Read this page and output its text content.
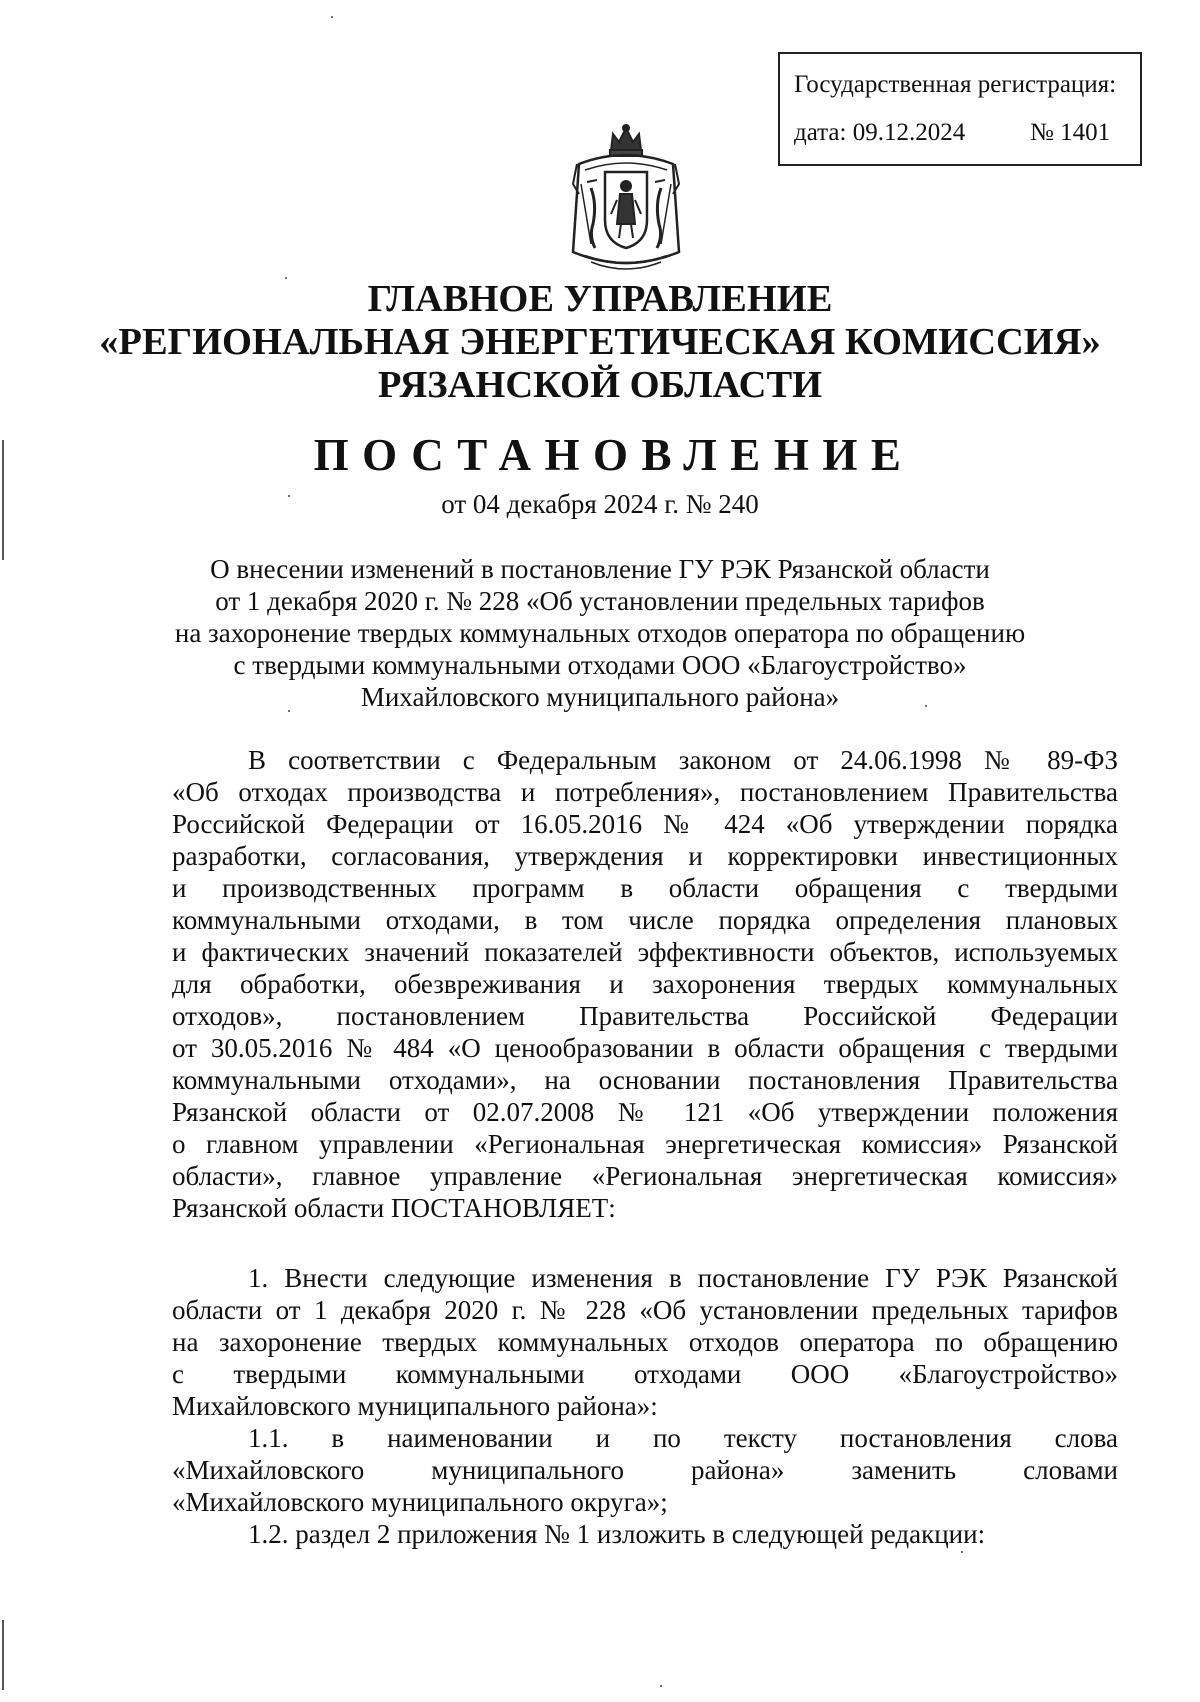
Государственная регистрация:
дата: 09.12.2024	№ 1401
ГЛАВНОЕ УПРАВЛЕНИЕ
«РЕГИОНАЛЬНАЯ ЭНЕРГЕТИЧЕСКАЯ КОМИССИЯ»
РЯЗАНСКОЙ ОБЛАСТИ
ПОСТАНОВЛЕНИЕ
от 04 декабря 2024 г. № 240
О внесении изменений в постановление ГУ РЭК Рязанской области
от 1 декабря 2020 г. № 228 «Об установлении предельных тарифов
на захоронение твердых коммунальных отходов оператора по обращению
с твердыми коммунальными отходами ООО «Благоустройство»
Михайловского муниципального района»

В соответствии с Федеральным законом от 24.06.1998 № 89-ФЗ

«Об отходах производства и потребления», постановлением Правительства

Российской Федерации от 16.05.2016 № 424 «Об утверждении порядка

разработки, согласования, утверждения и корректировки инвестиционных

и производственных программ в области обращения с твердыми

коммунальными отходами, в том числе порядка определения плановых

и фактических значений показателей эффективности объектов, используемых

для обработки, обезвреживания и захоронения твердых коммунальных

отходов», постановлением Правительства Российской Федерации

от 30.05.2016 № 484 «О ценообразовании в области обращения с твердыми

коммунальными отходами», на основании постановления Правительства

Рязанской области от 02.07.2008 № 121 «Об утверждении положения

о главном управлении «Региональная энергетическая комиссия» Рязанской

области», главное управление «Региональная энергетическая комиссия»

Рязанской области ПОСТАНОВЛЯЕТ:

1. Внести следующие изменения в постановление ГУ РЭК Рязанской

области от 1 декабря 2020 г. № 228 «Об установлении предельных тарифов

на захоронение твердых коммунальных отходов оператора по обращению

с твердыми коммунальными отходами ООО «Благоустройство»

Михайловского муниципального района»:

1.1. в наименовании и по тексту постановления слова

«Михайловского муниципального района» заменить словами

«Михайловского муниципального округа»;

1.2. раздел 2 приложения № 1 изложить в следующей редакции:
